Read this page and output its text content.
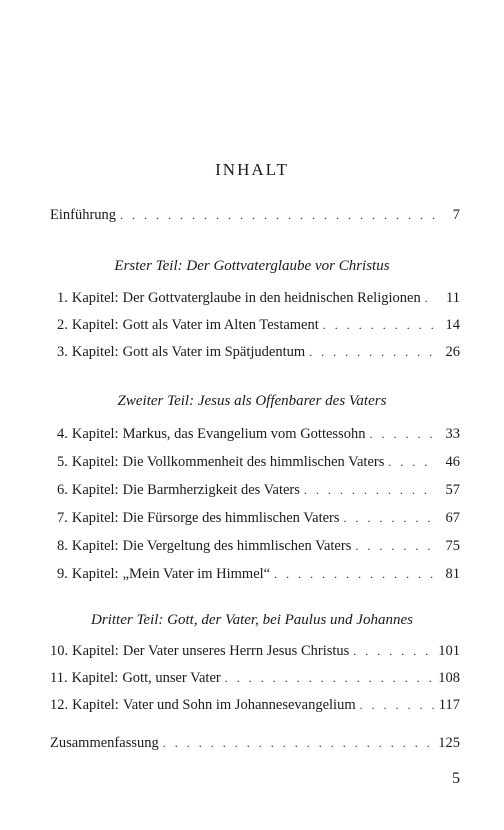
INHALT
Einführung . . .	7
Erster Teil: Der Gottvaterglaube vor Christus
1. Kapitel: Der Gottvaterglaube in den heidnischen Religionen . . .	11
2. Kapitel: Gott als Vater im Alten Testament . . .	14
3. Kapitel: Gott als Vater im Spätjudentum . . .	26
Zweiter Teil: Jesus als Offenbarer des Vaters
4. Kapitel: Markus, das Evangelium vom Gottessohn . . .	33
5. Kapitel: Die Vollkommenheit des himmlischen Vaters . . .	46
6. Kapitel: Die Barmherzigkeit des Vaters . . .	57
7. Kapitel: Die Fürsorge des himmlischen Vaters . . .	67
8. Kapitel: Die Vergeltung des himmlischen Vaters . . .	75
9. Kapitel: „Mein Vater im Himmel“ . . .	81
Dritter Teil: Gott, der Vater, bei Paulus und Johannes
10. Kapitel: Der Vater unseres Herrn Jesus Christus . . .	101
11. Kapitel: Gott, unser Vater . . .	108
12. Kapitel: Vater und Sohn im Johannesevangelium . . .	117
Zusammenfassung . . .	125
5
